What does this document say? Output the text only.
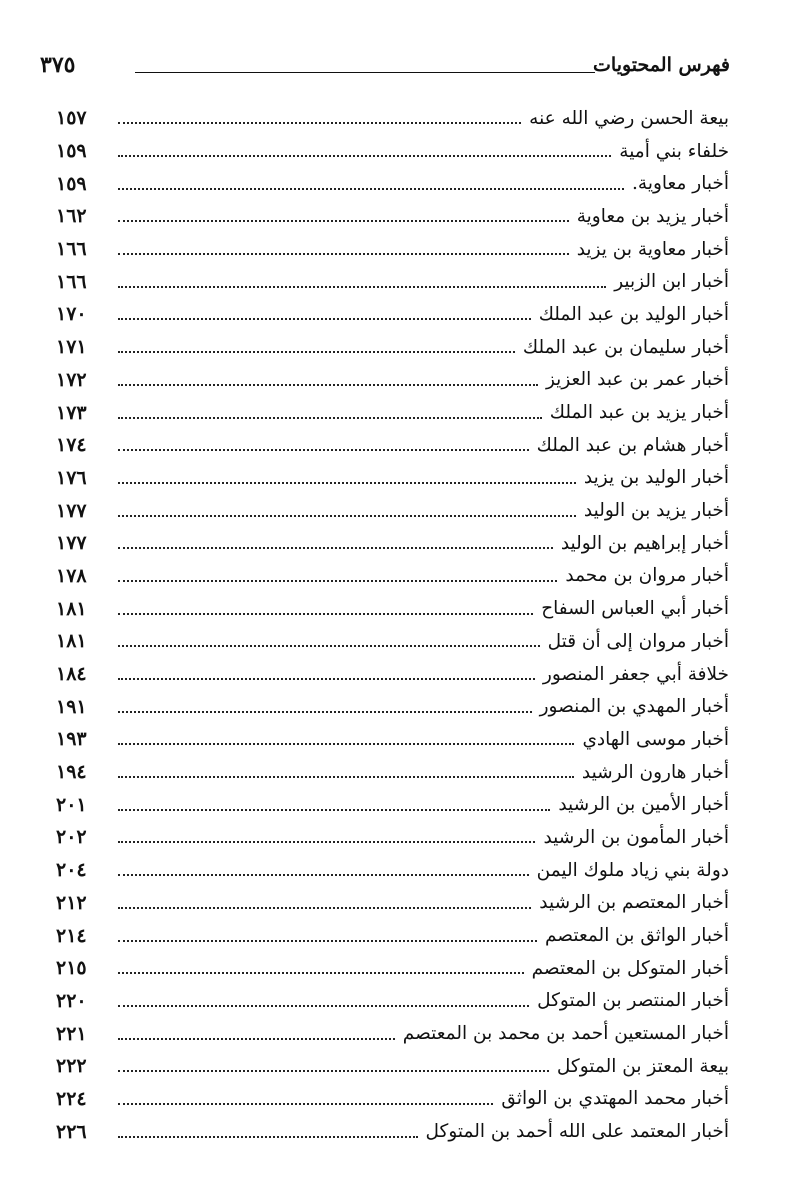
فهرس المحتويات
٣٧٥
بيعة الحسن رضي الله عنه
١٥٧
خلفاء بني أمية
١٥٩
أخبار معاوية.
١٥٩
أخبار يزيد بن معاوية
١٦٢
أخبار معاوية بن يزيد
١٦٦
أخبار ابن الزبير
١٦٦
أخبار الوليد بن عبد الملك
١٧٠
أخبار سليمان بن عبد الملك
١٧١
أخبار عمر بن عبد العزيز
١٧٢
أخبار يزيد بن عبد الملك
١٧٣
أخبار هشام بن عبد الملك
١٧٤
أخبار الوليد بن يزيد
١٧٦
أخبار يزيد بن الوليد
١٧٧
أخبار إبراهيم بن الوليد
١٧٧
أخبار مروان بن محمد
١٧٨
أخبار أبي العباس السفاح
١٨١
أخبار مروان إلى أن قتل
١٨١
خلافة أبي جعفر المنصور
١٨٤
أخبار المهدي بن المنصور
١٩١
أخبار موسى الهادي
١٩٣
أخبار هارون الرشيد
١٩٤
أخبار الأمين بن الرشيد
٢٠١
أخبار المأمون بن الرشيد
٢٠٢
دولة بني زياد ملوك اليمن
٢٠٤
أخبار المعتصم بن الرشيد
٢١٢
أخبار الواثق بن المعتصم
٢١٤
أخبار المتوكل بن المعتصم
٢١٥
أخبار المنتصر بن المتوكل
٢٢٠
أخبار المستعين أحمد بن محمد بن المعتصم
٢٢١
بيعة المعتز بن المتوكل
٢٢٢
أخبار محمد المهتدي بن الواثق
٢٢٤
أخبار المعتمد على الله أحمد بن المتوكل
٢٢٦
